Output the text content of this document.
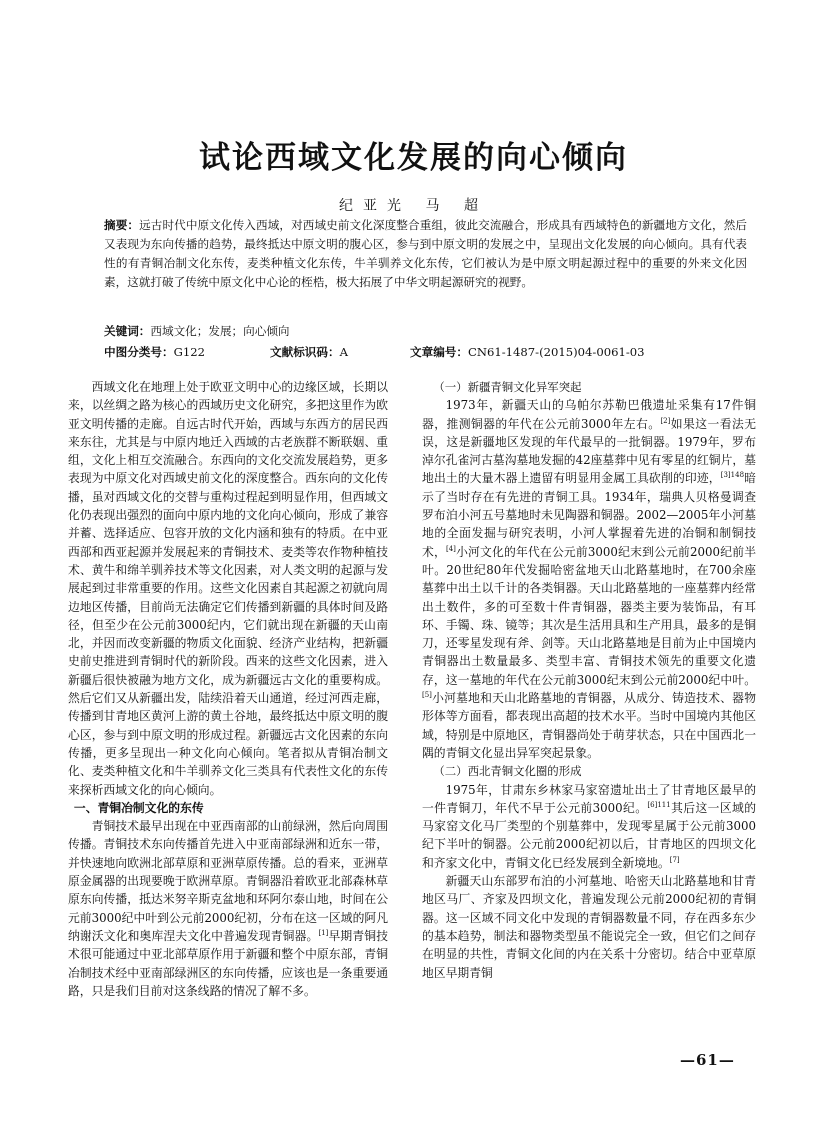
试论西域文化发展的向心倾向
纪亚光 马 超
摘要：远古时代中原文化传入西域，对西域史前文化深度整合重组，彼此交流融合，形成具有西域特色的新疆地方文化，然后又表现为东向传播的趋势，最终抵达中原文明的腹心区，参与到中原文明的发展之中，呈现出文化发展的向心倾向。具有代表性的有青铜冶制文化东传，麦类种植文化东传，牛羊驯养文化东传，它们被认为是中原文明起源过程中的重要的外来文化因素，这就打破了传统中原文化中心论的桎梏，极大拓展了中华文明起源研究的视野。
关键词：西域文化；发展；向心倾向
中图分类号：G122	文献标识码：A	文章编号：CN61-1487-(2015)04-0061-03

西域文化在地理上处于欧亚文明中心的边缘区域，长期以来，以丝绸之路为核心的西域历史文化研究，多把这里作为欧亚文明传播的走廊。自远古时代开始，西域与东西方的居民西来东往，尤其是与中原内地迁入西域的古老族群不断联姻、重组，文化上相互交流融合。东西向的文化交流发展趋势，更多表现为中原文化对西域史前文化的深度整合。西东向的文化传播，虽对西域文化的交替与重构过程起到明显作用，但西域文化仍表现出强烈的面向中原内地的文化向心倾向，形成了兼容并蓄、选择适应、包容开放的文化内涵和独有的特质。在中亚西部和西亚起源并发展起来的青铜技术、麦类等农作物种植技术、黄牛和绵羊驯养技术等文化因素，对人类文明的起源与发展起到过非常重要的作用。这些文化因素自其起源之初就向周边地区传播，目前尚无法确定它们传播到新疆的具体时间及路径，但至少在公元前3000纪内，它们就出现在新疆的天山南北，并因而改变新疆的物质文化面貌、经济产业结构，把新疆史前史推进到青铜时代的新阶段。西来的这些文化因素，进入新疆后很快被融为地方文化，成为新疆远古文化的重要构成。然后它们又从新疆出发，陆续沿着天山通道，经过河西走廊，传播到甘青地区黄河上游的黄土谷地，最终抵达中原文明的腹心区，参与到中原文明的形成过程。新疆远古文化因素的东向传播，更多呈现出一种文化向心倾向。笔者拟从青铜冶制文化、麦类种植文化和牛羊驯养文化三类具有代表性文化的东传来探析西域文化的向心倾向。

一、青铜冶制文化的东传

青铜技术最早出现在中亚西南部的山前绿洲，然后向周围传播。青铜技术东向传播首先进入中亚南部绿洲和近东一带，并快速地向欧洲北部草原和亚洲草原传播。总的看来，亚洲草原金属器的出现要晚于欧洲草原。青铜器沿着欧亚北部森林草原东向传播，抵达米努辛斯克盆地和环阿尔泰山地，时间在公元前3000纪中叶到公元前2000纪初，分布在这一区域的阿凡纳谢沃文化和奥库涅夫文化中普遍发现青铜器。[1]早期青铜技术很可能通过中亚北部草原作用于新疆和整个中原东部，青铜冶制技术经中亚南部绿洲区的东向传播，应该也是一条重要通路，只是我们目前对这条线路的情况了解不多。

（一）新疆青铜文化异军突起

1973年，新疆天山的乌帕尔苏勒巴俄遗址采集有17件铜器，推测铜器的年代在公元前3000年左右。[2]如果这一看法无误，这是新疆地区发现的年代最早的一批铜器。1979年，罗布淖尔孔雀河古墓沟墓地发掘的42座墓葬中见有零星的红铜片，墓地出土的大量木器上遗留有明显用金属工具砍削的印迹，$^{[3]148}$暗示了当时存在有先进的青铜工具。1934年，瑞典人贝格曼调查罗布泊小河五号墓地时未见陶器和铜器。2002—2005年小河墓地的全面发掘与研究表明，小河人掌握着先进的冶铜和制铜技术，[4]小河文化的年代在公元前3000纪末到公元前2000纪前半叶。20世纪80年代发掘哈密盆地天山北路墓地时，在700余座墓葬中出土以千计的各类铜器。天山北路墓地的一座墓葬内经常出土数件，多的可至数十件青铜器，器类主要为装饰品，有耳环、手镯、珠、镜等；其次是生活用具和生产用具，最多的是铜刀，还零星发现有斧、剑等。天山北路墓地是目前为止中国境内青铜器出土数量最多、类型丰富、青铜技术领先的重要文化遗存，这一墓地的年代在公元前3000纪末到公元前2000纪中叶。[5]小河墓地和天山北路墓地的青铜器，从成分、铸造技术、器物形体等方面看，都表现出高超的技术水平。当时中国境内其他区域，特别是中原地区，青铜器尚处于萌芽状态，只在中国西北一隅的青铜文化显出异军突起景象。

（二）西北青铜文化圈的形成

1975年，甘肃东乡林家马家窑遗址出土了甘青地区最早的一件青铜刀，年代不早于公元前3000纪。$^{[6]111}$其后这一区域的马家窑文化马厂类型的个别墓葬中，发现零星属于公元前3000纪下半叶的铜器。公元前2000纪初以后，甘青地区的四坝文化和齐家文化中，青铜文化已经发展到全新境地。[7]

新疆天山东部罗布泊的小河墓地、哈密天山北路墓地和甘青地区马厂、齐家及四坝文化，普遍发现公元前2000纪初的青铜器。这一区域不同文化中发现的青铜器数量不同，存在西多东少的基本趋势，制法和器物类型虽不能说完全一致，但它们之间存在明显的共性，青铜文化间的内在关系十分密切。结合中亚草原地区早期青铜

—61—
